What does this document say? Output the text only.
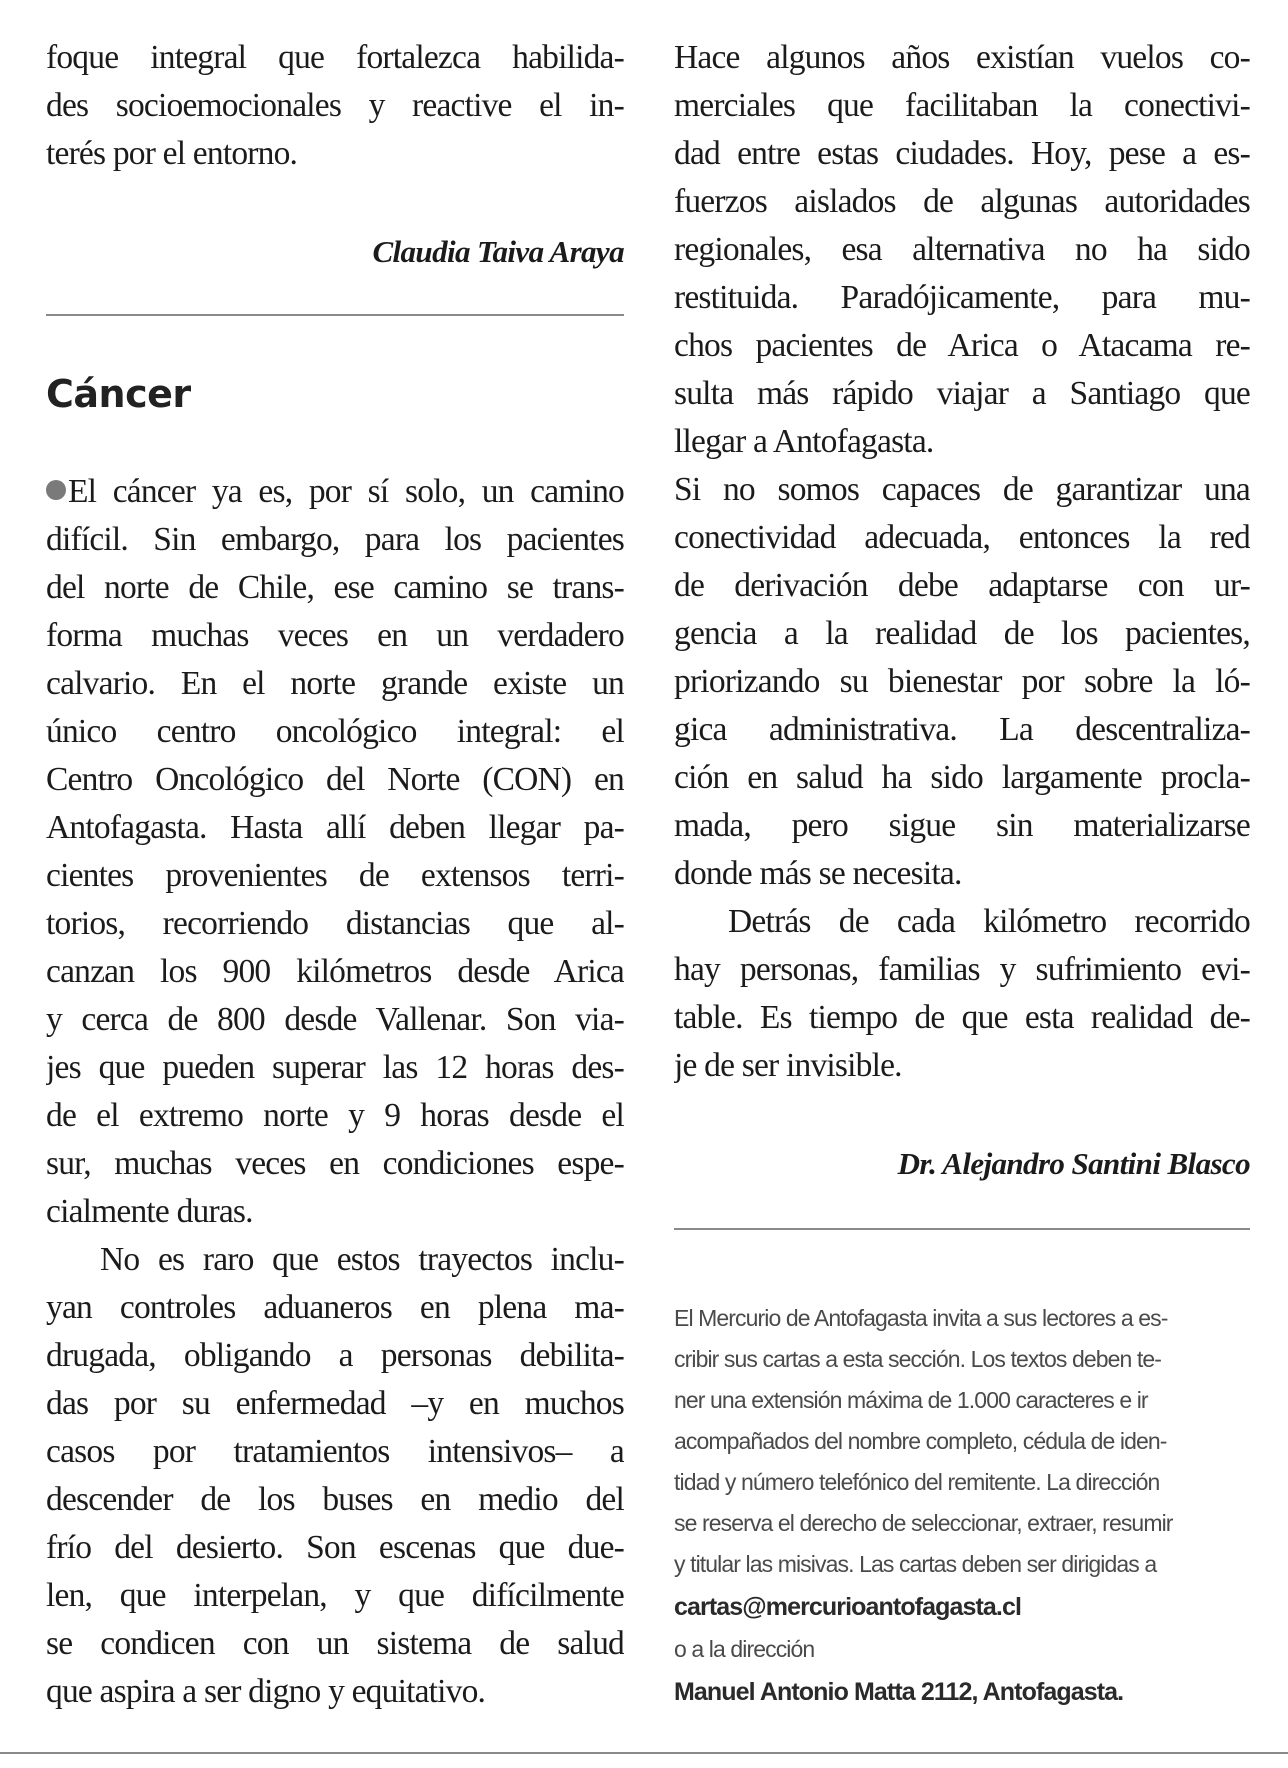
foque integral que fortalezca habilida-
des socioemocionales y reactive el in-
terés por el entorno.
Claudia Taiva Araya
Cáncer
El cáncer ya es, por sí solo, un camino
difícil. Sin embargo, para los pacientes
del norte de Chile, ese camino se trans-
forma muchas veces en un verdadero
calvario. En el norte grande existe un
único centro oncológico integral: el
Centro Oncológico del Norte (CON) en
Antofagasta. Hasta allí deben llegar pa-
cientes provenientes de extensos terri-
torios, recorriendo distancias que al-
canzan los 900 kilómetros desde Arica
y cerca de 800 desde Vallenar. Son via-
jes que pueden superar las 12 horas des-
de el extremo norte y 9 horas desde el
sur, muchas veces en condiciones espe-
cialmente duras.
No es raro que estos trayectos inclu-
yan controles aduaneros en plena ma-
drugada, obligando a personas debilita-
das por su enfermedad –y en muchos
casos por tratamientos intensivos– a
descender de los buses en medio del
frío del desierto. Son escenas que due-
len, que interpelan, y que difícilmente
se condicen con un sistema de salud
que aspira a ser digno y equitativo.
Hace algunos años existían vuelos co-
merciales que facilitaban la conectivi-
dad entre estas ciudades. Hoy, pese a es-
fuerzos aislados de algunas autoridades
regionales, esa alternativa no ha sido
restituida. Paradójicamente, para mu-
chos pacientes de Arica o Atacama re-
sulta más rápido viajar a Santiago que
llegar a Antofagasta.
Si no somos capaces de garantizar una
conectividad adecuada, entonces la red
de derivación debe adaptarse con ur-
gencia a la realidad de los pacientes,
priorizando su bienestar por sobre la ló-
gica administrativa. La descentraliza-
ción en salud ha sido largamente procla-
mada, pero sigue sin materializarse
donde más se necesita.
Detrás de cada kilómetro recorrido
hay personas, familias y sufrimiento evi-
table. Es tiempo de que esta realidad de-
je de ser invisible.
Dr. Alejandro Santini Blasco
El Mercurio de Antofagasta invita a sus lectores a es-
cribir sus cartas a esta sección. Los textos deben te-
ner una extensión máxima de 1.000 caracteres e ir
acompañados del nombre completo, cédula de iden-
tidad y número telefónico del remitente. La dirección
se reserva el derecho de seleccionar, extraer, resumir
y titular las misivas. Las cartas deben ser dirigidas a
cartas@mercurioantofagasta.cl
o a la dirección
Manuel Antonio Matta 2112, Antofagasta.
